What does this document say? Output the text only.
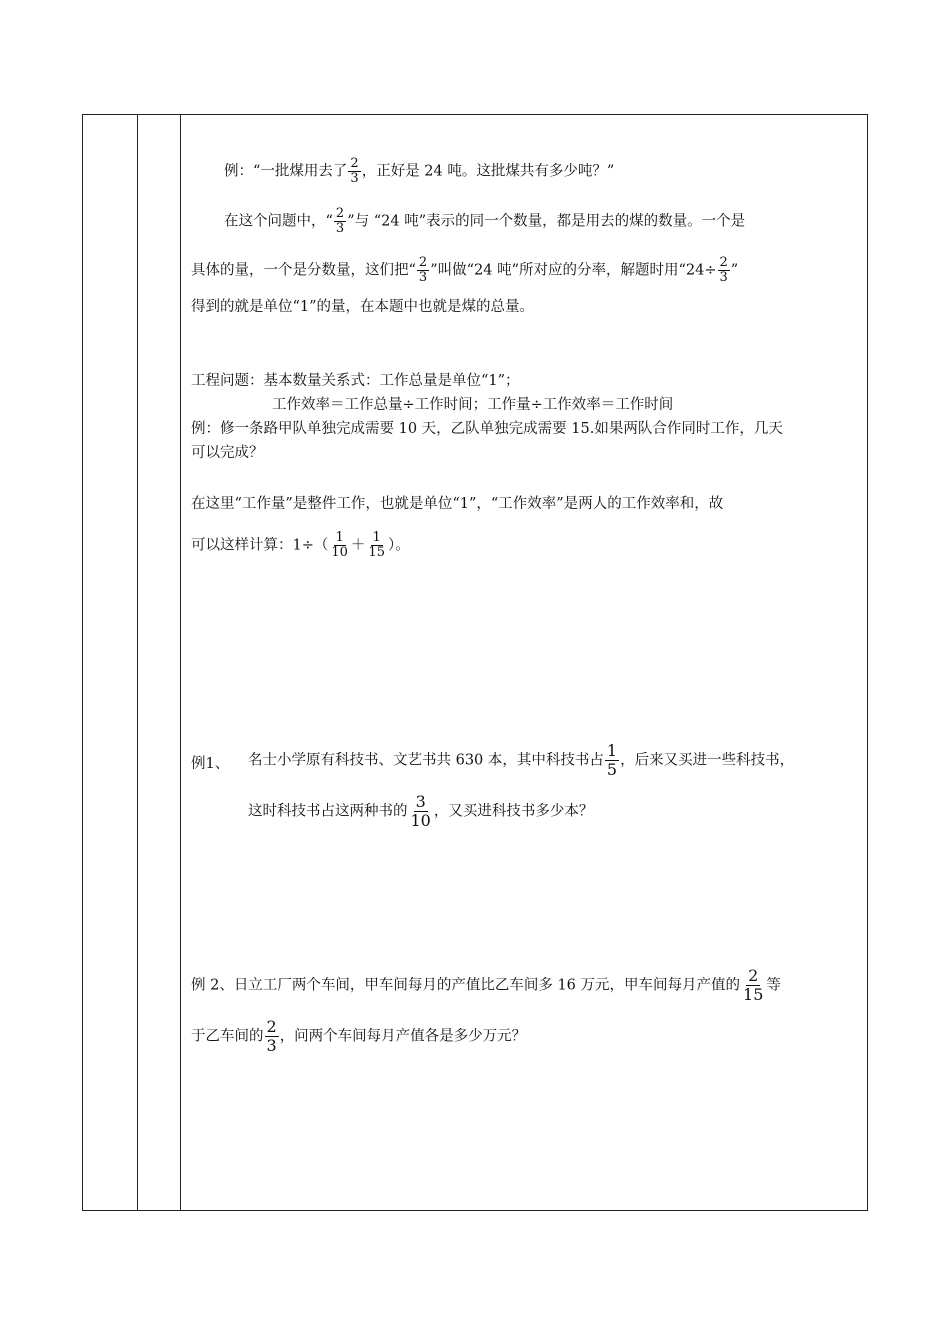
例：“一批煤用去了 $\frac{2}{3}$ ，正好是 24 吨。这批煤共有多少吨？”
在这个问题中，“ $\frac{2}{3}$ ”与 “24 吨”表示的同一个数量，都是用去的煤的数量。一个是
具体的量，一个是分数量，这们把“ $\frac{2}{3}$ ”叫做“24 吨”所对应的分率，解题时用“$24\div \frac{2}{3}$ ”
得到的就是单位“1”的量，在本题中也就是煤的总量。
工程问题：基本数量关系式：工作总量是单位“1”；
工作效率＝工作总量÷工作时间；工作量÷工作效率＝工作时间
例：修一条路甲队单独完成需要 10 天，乙队单独完成需要 15.如果两队合作同时工作，几天
可以完成？
在这里“工作量”是整件工作，也就是单位“1”，“工作效率”是两人的工作效率和，故
可以这样计算：$1\div( \frac{1}{10} + \frac{1}{15}$ ）。
例1、 名士小学原有科技书、文艺书共 630 本，其中科技书占 $\frac{1}{5}$ ，后来又买进一些科技书，
这时科技书占这两种书的 $\frac{3}{10}$ ，又买进科技书多少本？
例 2、日立工厂两个车间，甲车间每月的产值比乙车间多 16 万元，甲车间每月产值的 $\frac{2}{15}$ 等
于乙车间的 $\frac{2}{3}$ ，问两个车间每月产值各是多少万元？
